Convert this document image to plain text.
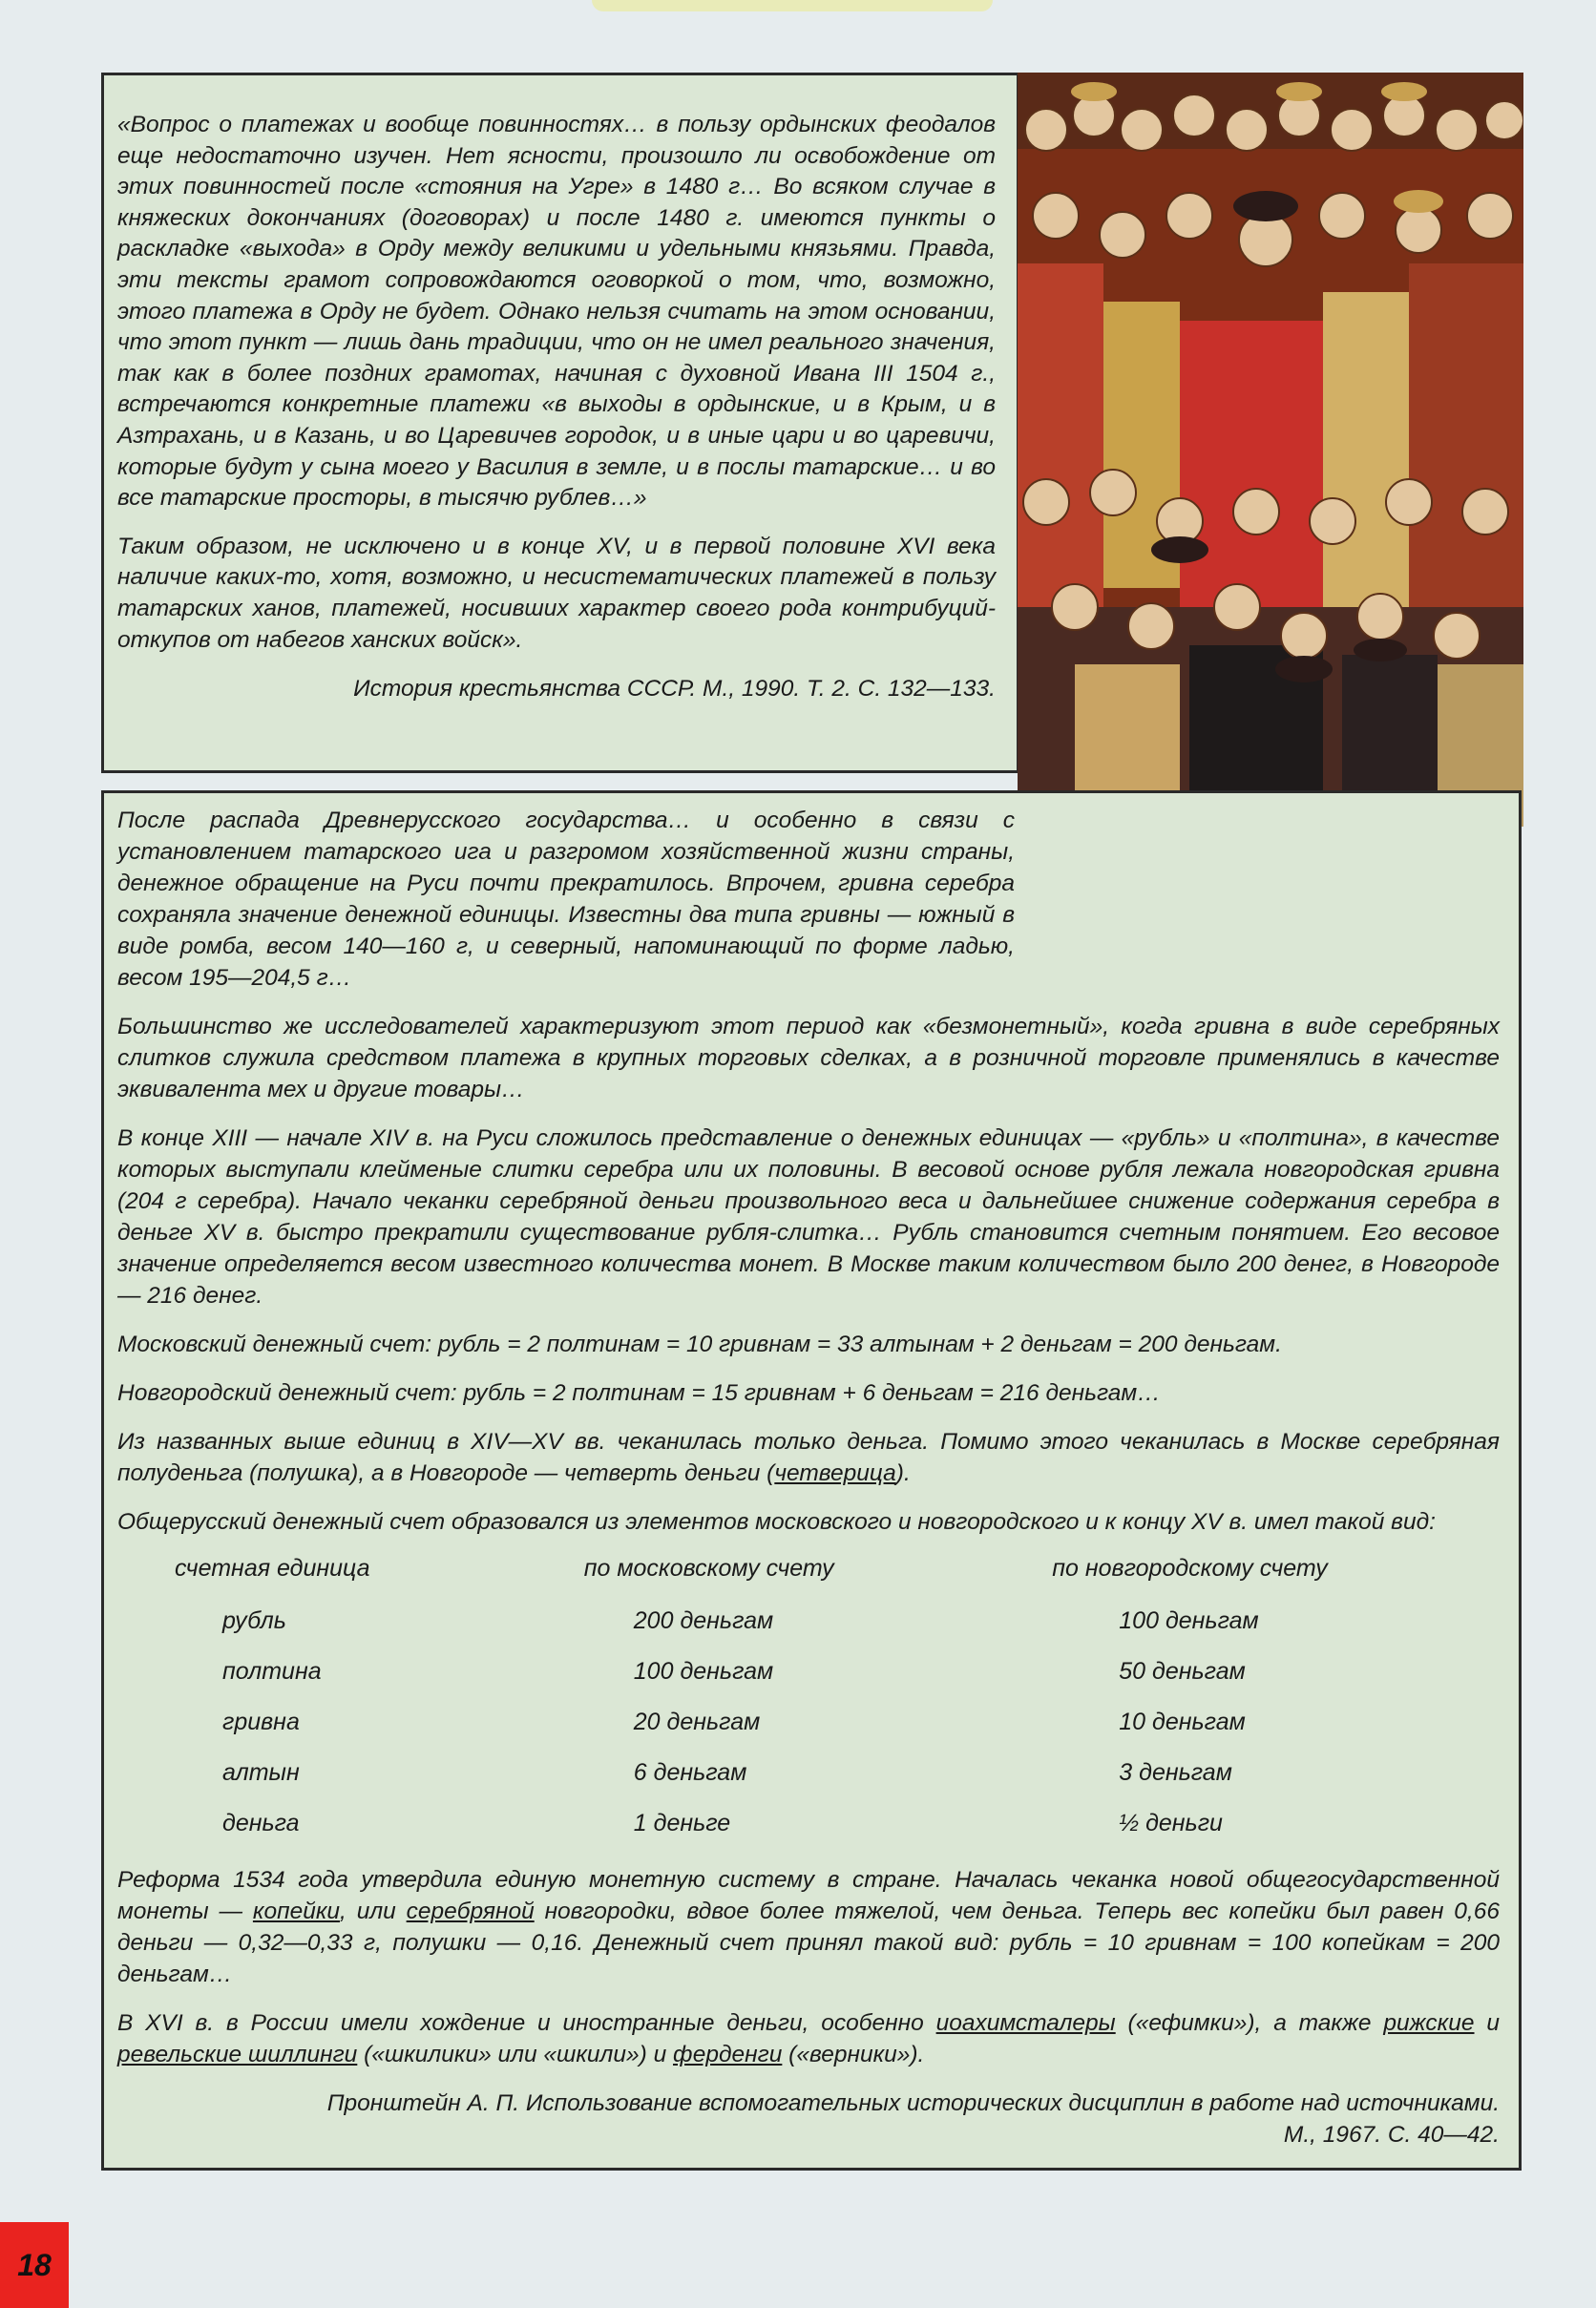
«Вопрос о платежах и вообще повинностях… в пользу ордынских феодалов еще недостаточно изучен. Нет ясности, произошло ли освобождение от этих повинностей после «стояния на Угре» в 1480 г… Во всяком случае в княжеских докончаниях (договорах) и после 1480 г. имеются пункты о раскладке «выхода» в Орду между великими и удельными князьями. Правда, эти тексты грамот сопровождаются оговоркой о том, что, возможно, этого платежа в Орду не будет. Однако нельзя считать на этом основании, что этот пункт — лишь дань традиции, что он не имел реального значения, так как в более поздних грамотах, начиная с духовной Ивана III 1504 г., встречаются конкретные платежи «в выходы в ордынские, и в Крым, и в Азтрахань, и в Казань, и во Царевичев городок, и в иные цари и во царевичи, которые будут у сына моего у Василия в земле, и в послы татарские… и во все татарские просторы, в тысячю рублев…»

Таким образом, не исключено и в конце XV, и в первой половине XVI века наличие каких-то, хотя, возможно, и несистематических платежей в пользу татарских ханов, платежей, носивших характер своего рода контрибуций-откупов от набегов ханских войск».

История крестьянства СССР. М., 1990. Т. 2. С. 132—133.

После распада Древнерусского государства… и особенно в связи с установлением татарского ига и разгромом хозяйственной жизни страны, денежное обращение на Руси почти прекратилось. Впрочем, гривна серебра сохраняла значение денежной единицы. Известны два типа гривны — южный в виде ромба, весом 140—160 г, и северный, напоминающий по форме ладью, весом 195—204,5 г…

Большинство же исследователей характеризуют этот период как «безмонетный», когда гривна в виде серебряных слитков служила средством платежа в крупных торговых сделках, а в розничной торговле применялись в качестве эквивалента мех и другие товары…

В конце XIII — начале XIV в. на Руси сложилось представление о денежных единицах — «рубль» и «полтина», в качестве которых выступали клейменые слитки серебра или их половины. В весовой основе рубля лежала новгородская гривна (204 г серебра). Начало чеканки серебряной деньги произвольного веса и дальнейшее снижение содержания серебра в деньге XV в. быстро прекратили существование рубля-слитка… Рубль становится счетным понятием. Его весовое значение определяется весом известного количества монет. В Москве таким количеством было 200 денег, в Новгороде — 216 денег.

Московский денежный счет: рубль = 2 полтинам = 10 гривнам = 33 алтынам + 2 деньгам = 200 деньгам.

Новгородский денежный счет: рубль = 2 полтинам = 15 гривнам + 6 деньгам = 216 деньгам…

Из названных выше единиц в XIV—XV вв. чеканилась только деньга. Помимо этого чеканилась в Москве серебряная полуденьга (полушка), а в Новгороде — четверть деньги (четверица).

Общерусский денежный счет образовался из элементов московского и новгородского и к концу XV в. имел такой вид:

счетная единица	по московскому счету	по новгородскому счету
рубль	200 деньгам	100 деньгам
полтина	100 деньгам	50 деньгам
гривна	20 деньгам	10 деньгам
алтын	6 деньгам	3 деньгам
деньга	1 деньге	½ деньги

Реформа 1534 года утвердила единую монетную систему в стране. Началась чеканка новой общегосударственной монеты — копейки, или серебряной новгородки, вдвое более тяжелой, чем деньга. Теперь вес копейки был равен 0,66 деньги — 0,32—0,33 г, полушки — 0,16. Денежный счет принял такой вид: рубль = 10 гривнам = 100 копейкам = 200 деньгам…

В XVI в. в России имели хождение и иностранные деньги, особенно иоахимсталеры («ефимки»), а также рижские и ревельские шиллинги («шкилики» или «шкили») и ферденги («верники»).

Пронштейн А. П. Использование вспомогательных исторических дисциплин в работе над источниками.
М., 1967. С. 40—42.
18
